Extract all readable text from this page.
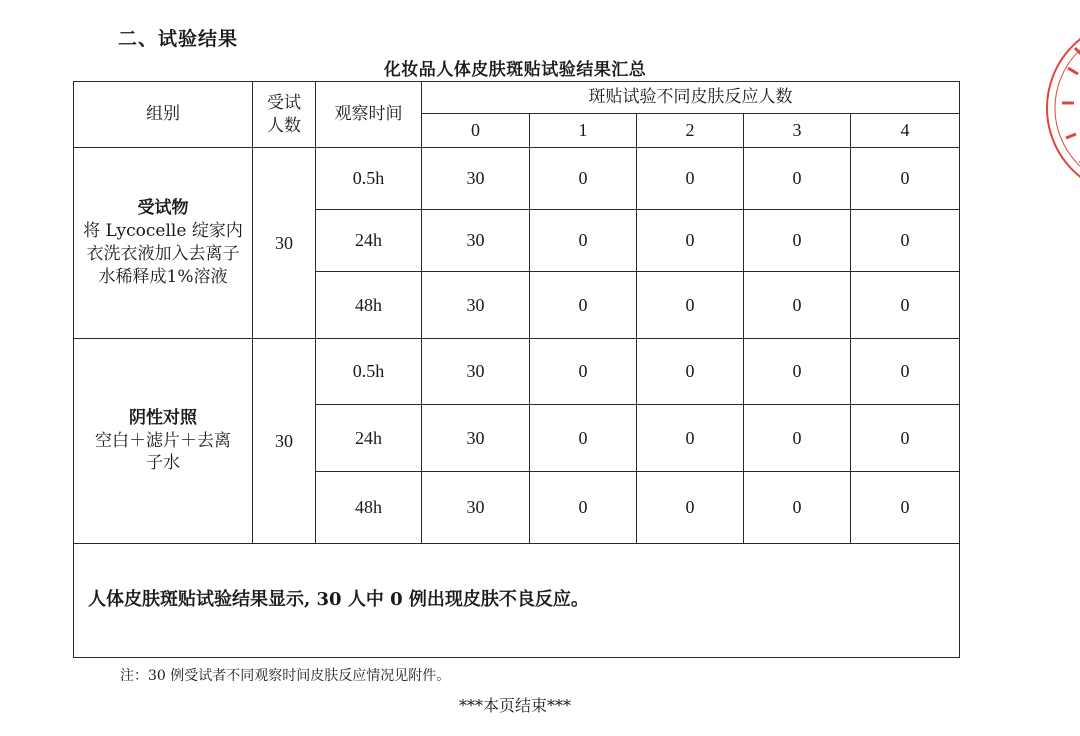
二、试验结果
化妆品人体皮肤斑贴试验结果汇总
组别	受试人数	观察时间	斑贴试验不同皮肤反应人数				
			0	1	2	3	4

受试物
将 Lycocelle 绽家内衣洗衣液加入去离子水稀释成1%溶液	30	0.5h	30	0	0	0	0
		24h	30	0	0	0	0
		48h	30	0	0	0	0

阴性对照
空白＋滤片＋去离子水	30	0.5h	30	0	0	0	0
		24h	30	0	0	0	0
		48h	30	0	0	0	0
人体皮肤斑贴试验结果显示, 30 人中 0 例出现皮肤不良反应。							
注：30 例受试者不同观察时间皮肤反应情况见附件。
***本页结束***
